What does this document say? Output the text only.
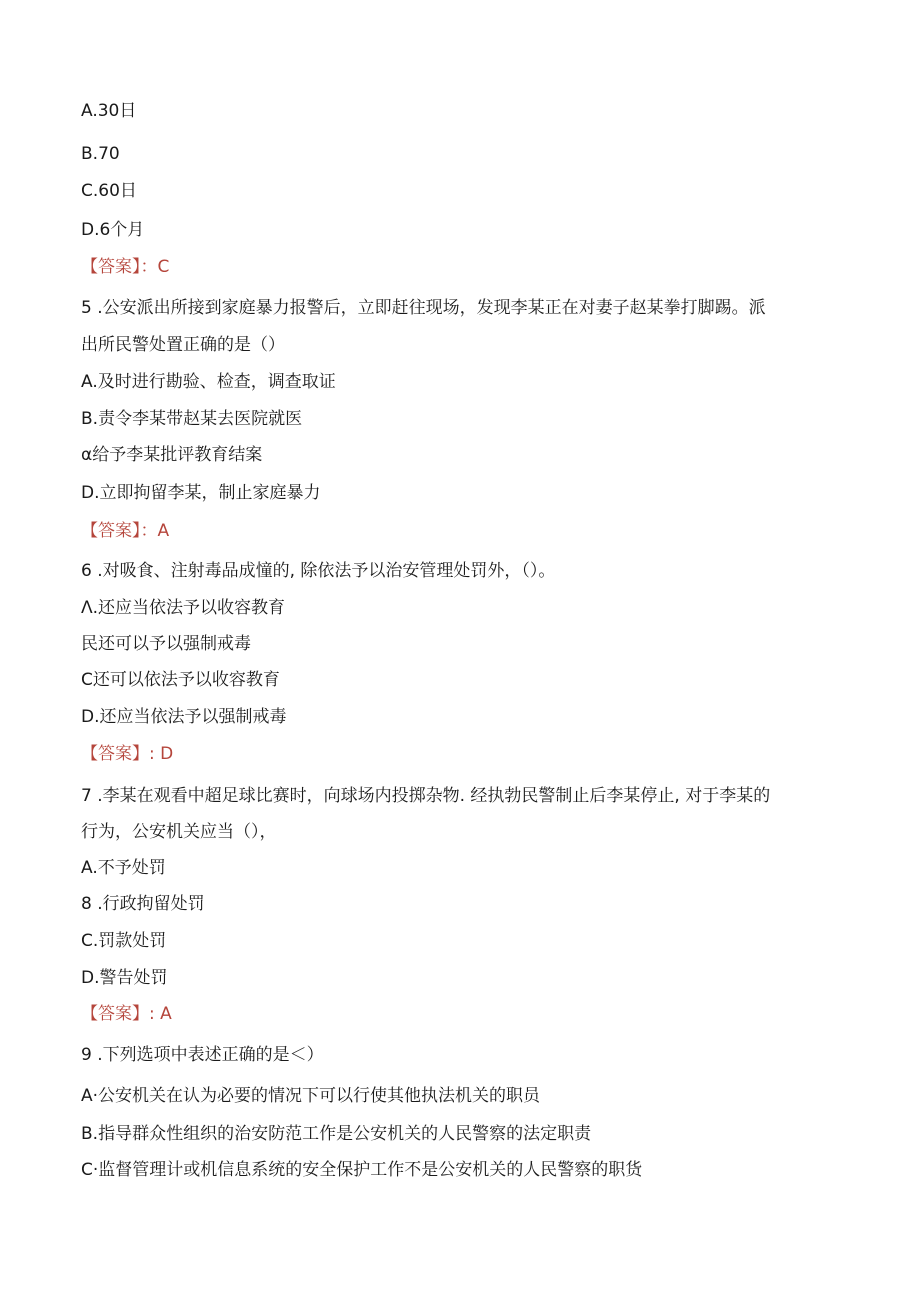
A.30日
B.70
C.60日
D.6个月
【答案】：C
5 .公安派出所接到家庭暴力报警后，立即赶往现场，发现李某正在对妻子赵某拳打脚踢。派
出所民警处置正确的是（）
A.及时进行勘验、检查，调查取证
B.责令李某带赵某去医院就医
α给予李某批评教育结案
D.立即拘留李某，制止家庭暴力
【答案】：A
6 .对吸食、注射毒品成憧的, 除依法予以治安管理处罚外，（）。
Λ.还应当依法予以收容教育
民还可以予以强制戒毒
C还可以依法予以收容教育
D.还应当依法予以强制戒毒
【答案】: D
7 .李某在观看中超足球比赛时，向球场内投掷杂物. 经执勃民警制止后李某停止, 对于李某的
行为，公安机关应当（），
A.不予处罚
8 .行政拘留处罚
C.罚款处罚
D.警告处罚
【答案】: A
9 .下列选项中表述正确的是＜）
A·公安机关在认为必要的情况下可以行使其他执法机关的职员
B.指导群众性组织的治安防范工作是公安机关的人民警察的法定职责
C·监督管理计或机信息系统的安全保护工作不是公安机关的人民警察的职货
